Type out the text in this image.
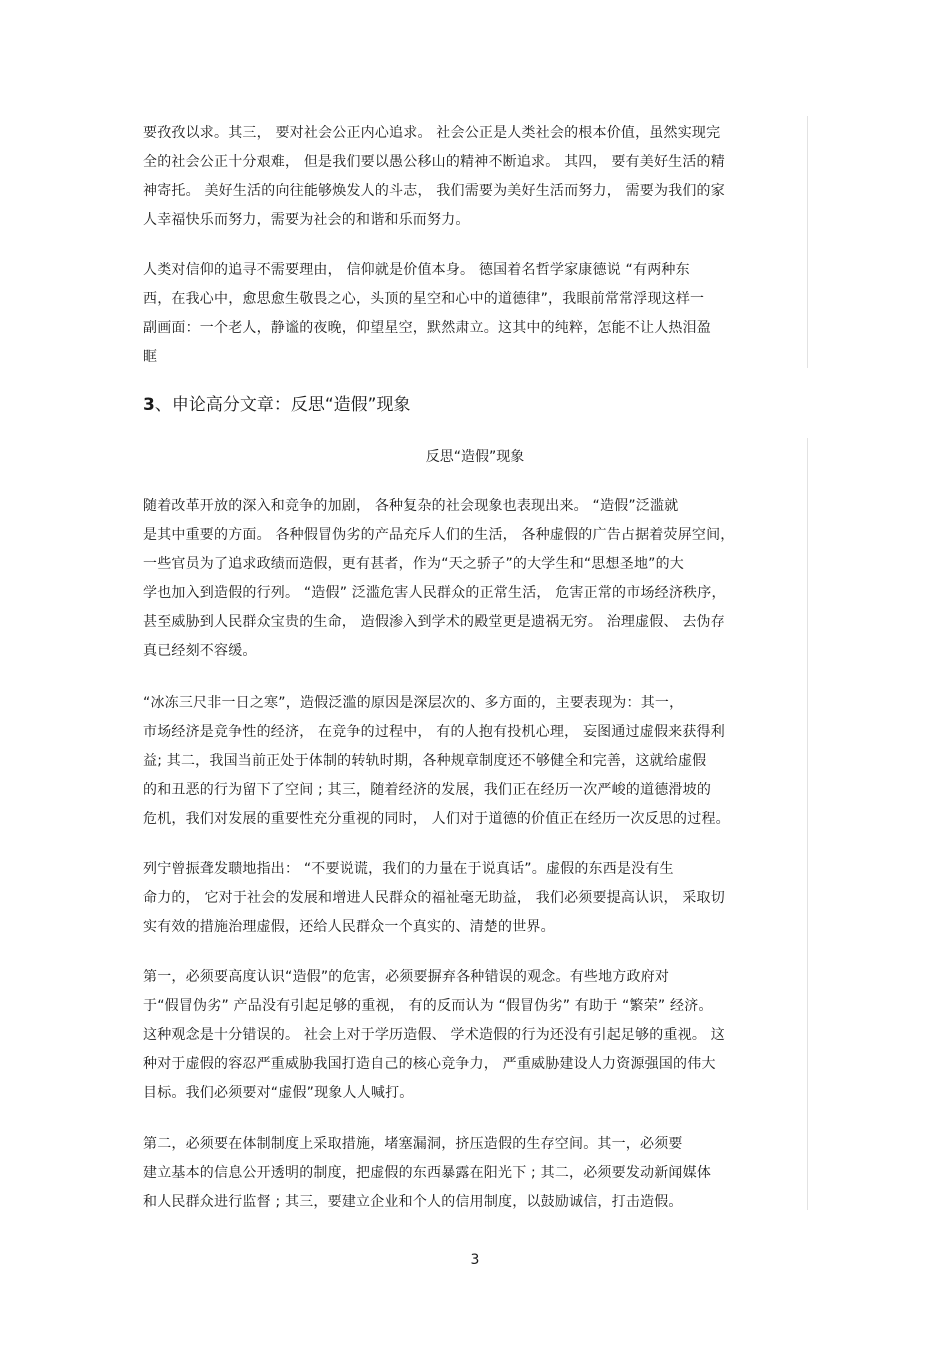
要孜孜以求。其三， 要对社会公正内心追求。 社会公正是人类社会的根本价值，虽然实现完
全的社会公正十分艰难， 但是我们要以愚公移山的精神不断追求。 其四， 要有美好生活的精
神寄托。 美好生活的向往能够焕发人的斗志， 我们需要为美好生活而努力， 需要为我们的家
人幸福快乐而努力，需要为社会的和谐和乐而努力。
人类对信仰的追寻不需要理由， 信仰就是价值本身。 德国着名哲学家康德说 “有两种东
西，在我心中，愈思愈生敬畏之心，头顶的星空和心中的道德律”，我眼前常常浮现这样一
副画面：一个老人，静谧的夜晚，仰望星空，默然肃立。这其中的纯粹，怎能不让人热泪盈
眶
3、申论高分文章：反思“造假”现象
反思“造假”现象
随着改革开放的深入和竞争的加剧， 各种复杂的社会现象也表现出来。 “造假”泛滥就
是其中重要的方面。 各种假冒伪劣的产品充斥人们的生活， 各种虚假的广告占据着荧屏空间，
一些官员为了追求政绩而造假，更有甚者，作为“天之骄子”的大学生和“思想圣地”的大
学也加入到造假的行列。 “造假” 泛滥危害人民群众的正常生活， 危害正常的市场经济秩序，
甚至威胁到人民群众宝贵的生命， 造假渗入到学术的殿堂更是遗祸无穷。 治理虚假、 去伪存
真已经刻不容缓。
“冰冻三尺非一日之寒”，造假泛滥的原因是深层次的、多方面的，主要表现为：其一，
市场经济是竞争性的经济， 在竞争的过程中， 有的人抱有投机心理， 妄图通过虚假来获得利
益; 其二，我国当前正处于体制的转轨时期，各种规章制度还不够健全和完善，这就给虚假
的和丑恶的行为留下了空间 ; 其三，随着经济的发展，我们正在经历一次严峻的道德滑坡的
危机，我们对发展的重要性充分重视的同时， 人们对于道德的价值正在经历一次反思的过程。
列宁曾振聋发聩地指出： “不要说谎，我们的力量在于说真话”。虚假的东西是没有生
命力的， 它对于社会的发展和增进人民群众的福祉毫无助益， 我们必须要提高认识， 采取切
实有效的措施治理虚假，还给人民群众一个真实的、清楚的世界。
第一，必须要高度认识“造假”的危害，必须要摒弃各种错误的观念。有些地方政府对
于“假冒伪劣” 产品没有引起足够的重视， 有的反而认为 “假冒伪劣” 有助于 “繁荣” 经济。
这种观念是十分错误的。 社会上对于学历造假、 学术造假的行为还没有引起足够的重视。 这
种对于虚假的容忍严重威胁我国打造自己的核心竞争力， 严重威胁建设人力资源强国的伟大
目标。我们必须要对“虚假”现象人人喊打。
第二，必须要在体制制度上采取措施，堵塞漏洞，挤压造假的生存空间。其一，必须要
建立基本的信息公开透明的制度，把虚假的东西暴露在阳光下 ; 其二，必须要发动新闻媒体
和人民群众进行监督 ; 其三，要建立企业和个人的信用制度，以鼓励诚信，打击造假。
3
